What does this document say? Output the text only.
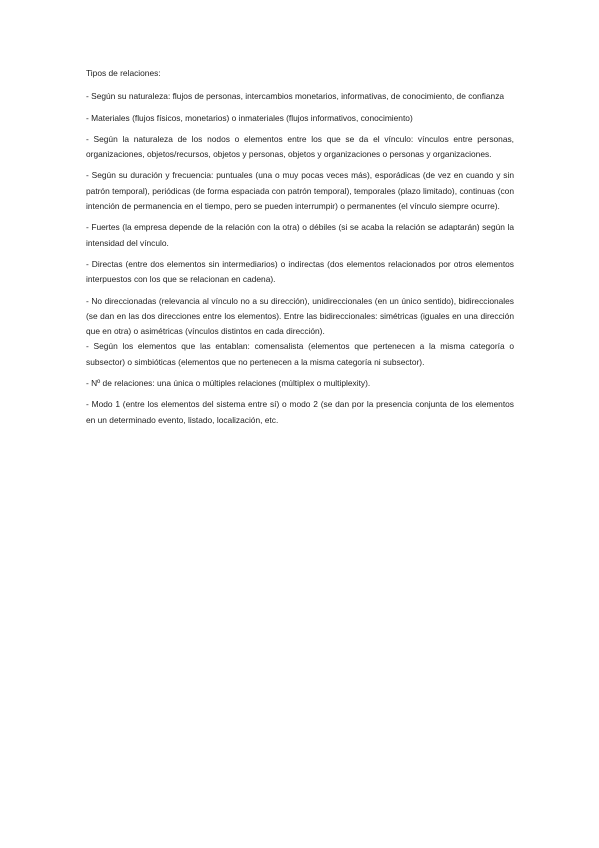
Tipos de relaciones:
- Según su naturaleza: flujos de personas, intercambios monetarios, informativas, de conocimiento, de confianza
- Materiales (flujos físicos, monetarios) o inmateriales (flujos informativos, conocimiento)
- Según la naturaleza de los nodos o elementos entre los que se da el vínculo: vínculos entre personas, organizaciones, objetos/recursos, objetos y personas, objetos y organizaciones o personas y organizaciones.
- Según su duración y frecuencia: puntuales (una o muy pocas veces más), esporádicas (de vez en cuando y sin patrón temporal), periódicas (de forma espaciada con patrón temporal), temporales (plazo limitado), continuas (con intención de permanencia en el tiempo, pero se pueden interrumpir) o permanentes (el vínculo siempre ocurre).
- Fuertes (la empresa depende de la relación con la otra) o débiles (si se acaba la relación se adaptarán) según la intensidad del vínculo.
- Directas (entre dos elementos sin intermediarios) o indirectas (dos elementos relacionados por otros elementos interpuestos con los que se relacionan en cadena).
- No direccionadas (relevancia al vínculo no a su dirección), unidireccionales (en un único sentido), bidireccionales (se dan en las dos direcciones entre los elementos). Entre las bidireccionales: simétricas (iguales en una dirección que en otra) o asimétricas (vínculos distintos en cada dirección).
- Según los elementos que las entablan: comensalista (elementos que pertenecen a la misma categoría o subsector) o simbióticas (elementos que no pertenecen a la misma categoría ni subsector).
- Nº de relaciones: una única o múltiples relaciones (múltiplex o multiplexity).
- Modo 1 (entre los elementos del sistema entre sí) o modo 2 (se dan por la presencia conjunta de los elementos en un determinado evento, listado, localización, etc.
